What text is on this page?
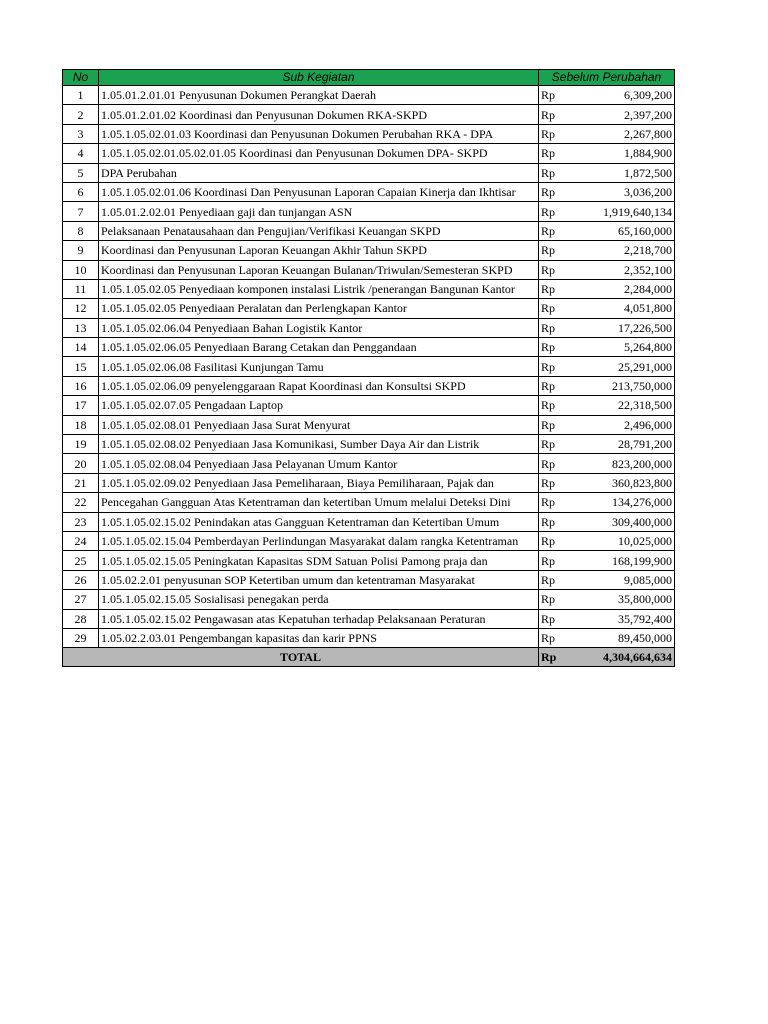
No	Sub Kegiatan	Sebelum Perubahan	
1	1.05.01.2.01.01 Penyusunan Dokumen Perangkat Daerah	Rp	6,309,200
2	1.05.01.2.01.02 Koordinasi dan Penyusunan Dokumen RKA-SKPD	Rp	2,397,200
3	1.05.1.05.02.01.03 Koordinasi dan Penyusunan Dokumen Perubahan RKA - DPA	Rp	2,267,800
4	1.05.1.05.02.01.05.02.01.05 Koordinasi dan Penyusunan Dokumen DPA- SKPD	Rp	1,884,900
5	DPA Perubahan	Rp	1,872,500
6	1.05.1.05.02.01.06 Koordinasi Dan Penyusunan Laporan Capaian Kinerja dan Ikhtisar	Rp	3,036,200
7	1.05.01.2.02.01 Penyediaan gaji dan tunjangan ASN	Rp	1,919,640,134
8	Pelaksanaan Penatausahaan dan Pengujian/Verifikasi Keuangan SKPD	Rp	65,160,000
9	Koordinasi dan Penyusunan Laporan Keuangan Akhir Tahun SKPD	Rp	2,218,700
10	Koordinasi dan Penyusunan Laporan Keuangan Bulanan/Triwulan/Semesteran SKPD	Rp	2,352,100
11	1.05.1.05.02.05 Penyediaan komponen instalasi Listrik /penerangan Bangunan Kantor	Rp	2,284,000
12	1.05.1.05.02.05 Penyediaan Peralatan dan Perlengkapan Kantor	Rp	4,051,800
13	1.05.1.05.02.06.04 Penyediaan Bahan Logistik Kantor	Rp	17,226,500
14	1.05.1.05.02.06.05 Penyediaan Barang Cetakan dan Penggandaan	Rp	5,264,800
15	1.05.1.05.02.06.08 Fasilitasi Kunjungan Tamu	Rp	25,291,000
16	1.05.1.05.02.06.09 penyelenggaraan Rapat Koordinasi dan Konsultsi SKPD	Rp	213,750,000
17	1.05.1.05.02.07.05 Pengadaan Laptop	Rp	22,318,500
18	1.05.1.05.02.08.01 Penyediaan Jasa Surat Menyurat	Rp	2,496,000
19	1.05.1.05.02.08.02 Penyediaan Jasa Komunikasi, Sumber Daya Air dan Listrik	Rp	28,791,200
20	1.05.1.05.02.08.04 Penyediaan Jasa Pelayanan Umum Kantor	Rp	823,200,000
21	1.05.1.05.02.09.02 Penyediaan Jasa Pemeliharaan, Biaya Pemiliharaan, Pajak dan	Rp	360,823,800
22	Pencegahan Gangguan Atas Ketentraman dan ketertiban Umum melalui Deteksi Dini	Rp	134,276,000
23	1.05.1.05.02.15.02 Penindakan atas Gangguan Ketentraman dan Ketertiban Umum	Rp	309,400,000
24	1.05.1.05.02.15.04 Pemberdayan Perlindungan Masyarakat dalam rangka Ketentraman	Rp	10,025,000
25	1.05.1.05.02.15.05 Peningkatan Kapasitas SDM Satuan Polisi Pamong praja dan	Rp	168,199,900
26	1.05.02.2.01 penyusunan SOP Ketertiban umum dan ketentraman Masyarakat	Rp	9,085,000
27	1.05.1.05.02.15.05 Sosialisasi penegakan perda	Rp	35,800,000
28	1.05.1.05.02.15.02 Pengawasan atas Kepatuhan terhadap Pelaksanaan Peraturan	Rp	35,792,400
29	1.05.02.2.03.01 Pengembangan kapasitas dan karir PPNS	Rp	89,450,000
TOTAL		Rp	4,304,664,634
